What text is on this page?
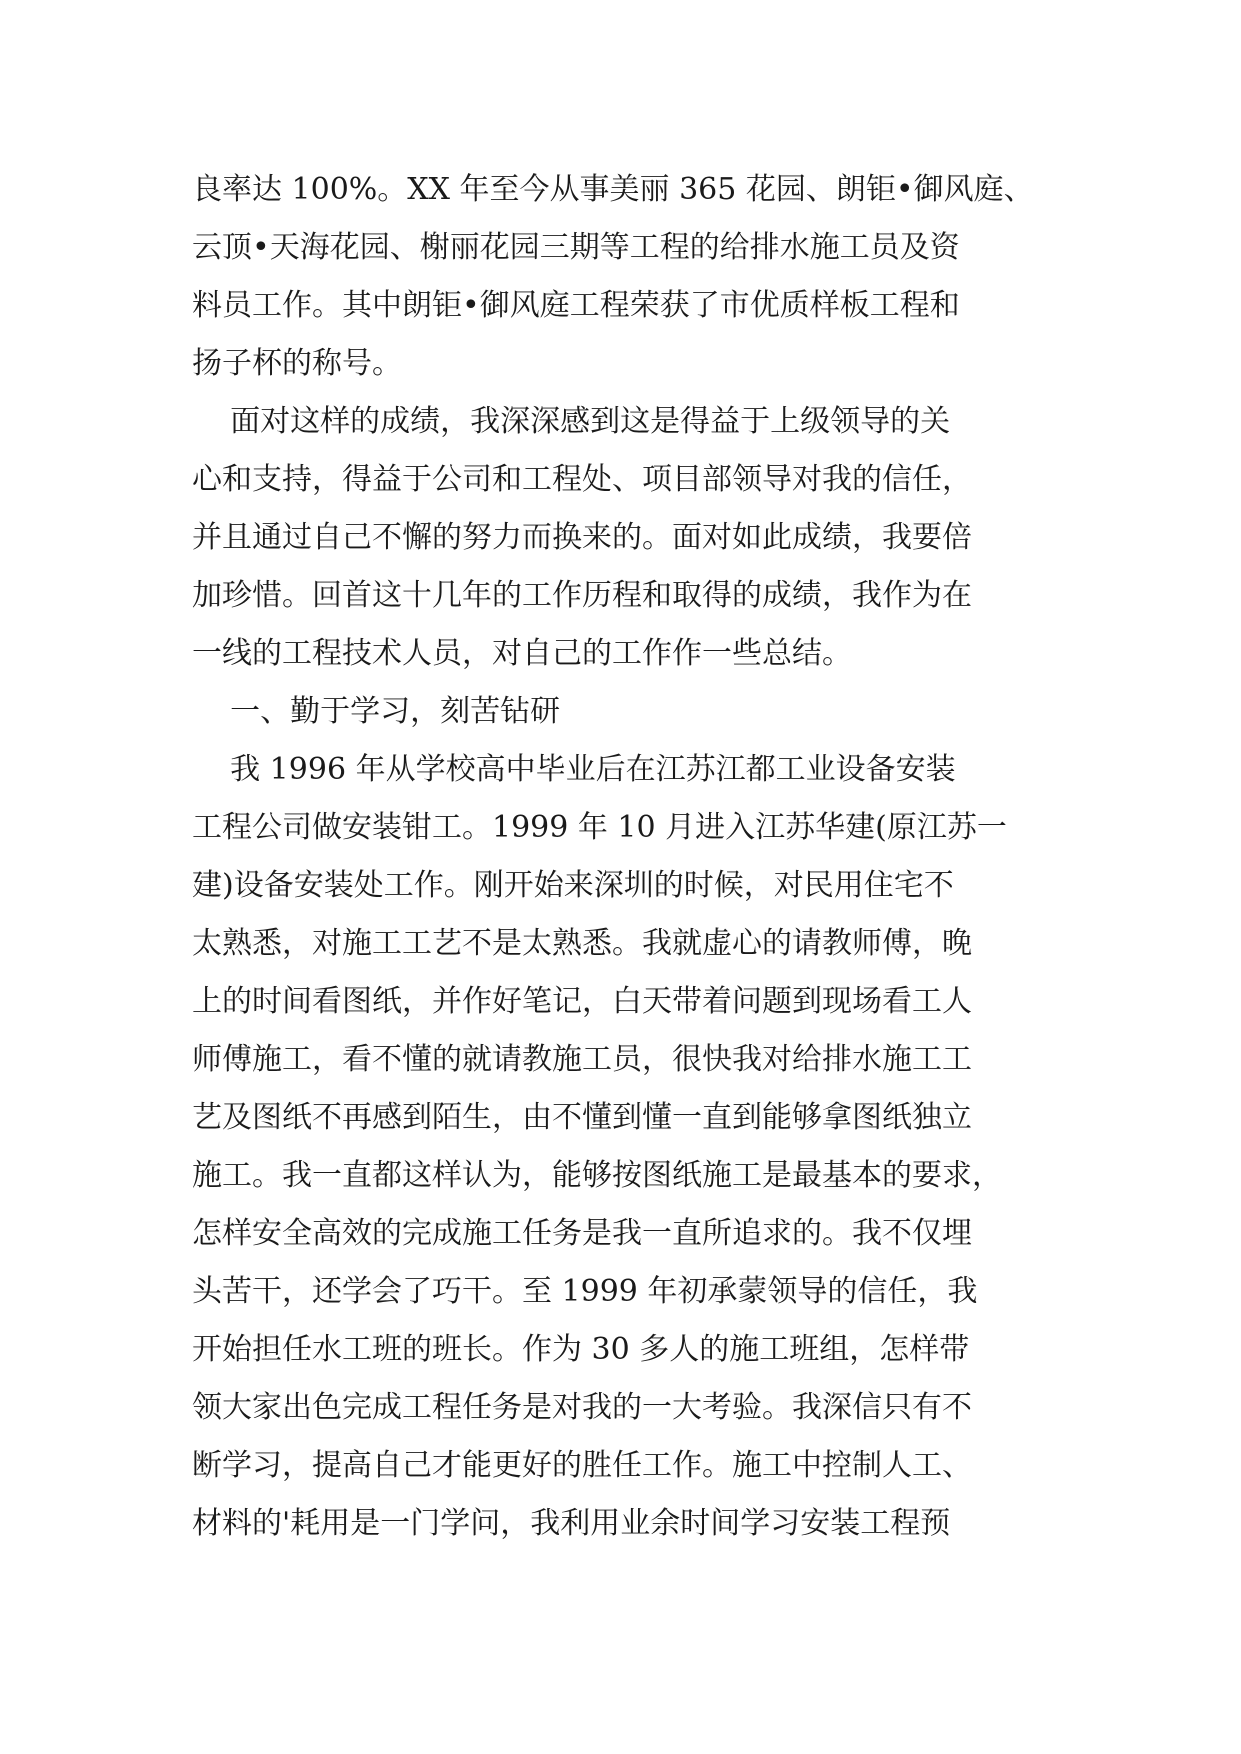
良率达 100%。XX 年至今从事美丽 365 花园、朗钜•御风庭、
云顶•天海花园、榭丽花园三期等工程的给排水施工员及资
料员工作。其中朗钜•御风庭工程荣获了市优质样板工程和
扬子杯的称号。
面对这样的成绩，我深深感到这是得益于上级领导的关
心和支持，得益于公司和工程处、项目部领导对我的信任，
并且通过自己不懈的努力而换来的。面对如此成绩，我要倍
加珍惜。回首这十几年的工作历程和取得的成绩，我作为在
一线的工程技术人员，对自己的工作作一些总结。
一、勤于学习，刻苦钻研
我 1996 年从学校高中毕业后在江苏江都工业设备安装
工程公司做安装钳工。1999 年 10 月进入江苏华建(原江苏一
建)设备安装处工作。刚开始来深圳的时候，对民用住宅不
太熟悉，对施工工艺不是太熟悉。我就虚心的请教师傅，晚
上的时间看图纸，并作好笔记，白天带着问题到现场看工人
师傅施工，看不懂的就请教施工员，很快我对给排水施工工
艺及图纸不再感到陌生，由不懂到懂一直到能够拿图纸独立
施工。我一直都这样认为，能够按图纸施工是最基本的要求，
怎样安全高效的完成施工任务是我一直所追求的。我不仅埋
头苦干，还学会了巧干。至 1999 年初承蒙领导的信任，我
开始担任水工班的班长。作为 30 多人的施工班组，怎样带
领大家出色完成工程任务是对我的一大考验。我深信只有不
断学习，提高自己才能更好的胜任工作。施工中控制人工、
材料的'耗用是一门学问，我利用业余时间学习安装工程预
